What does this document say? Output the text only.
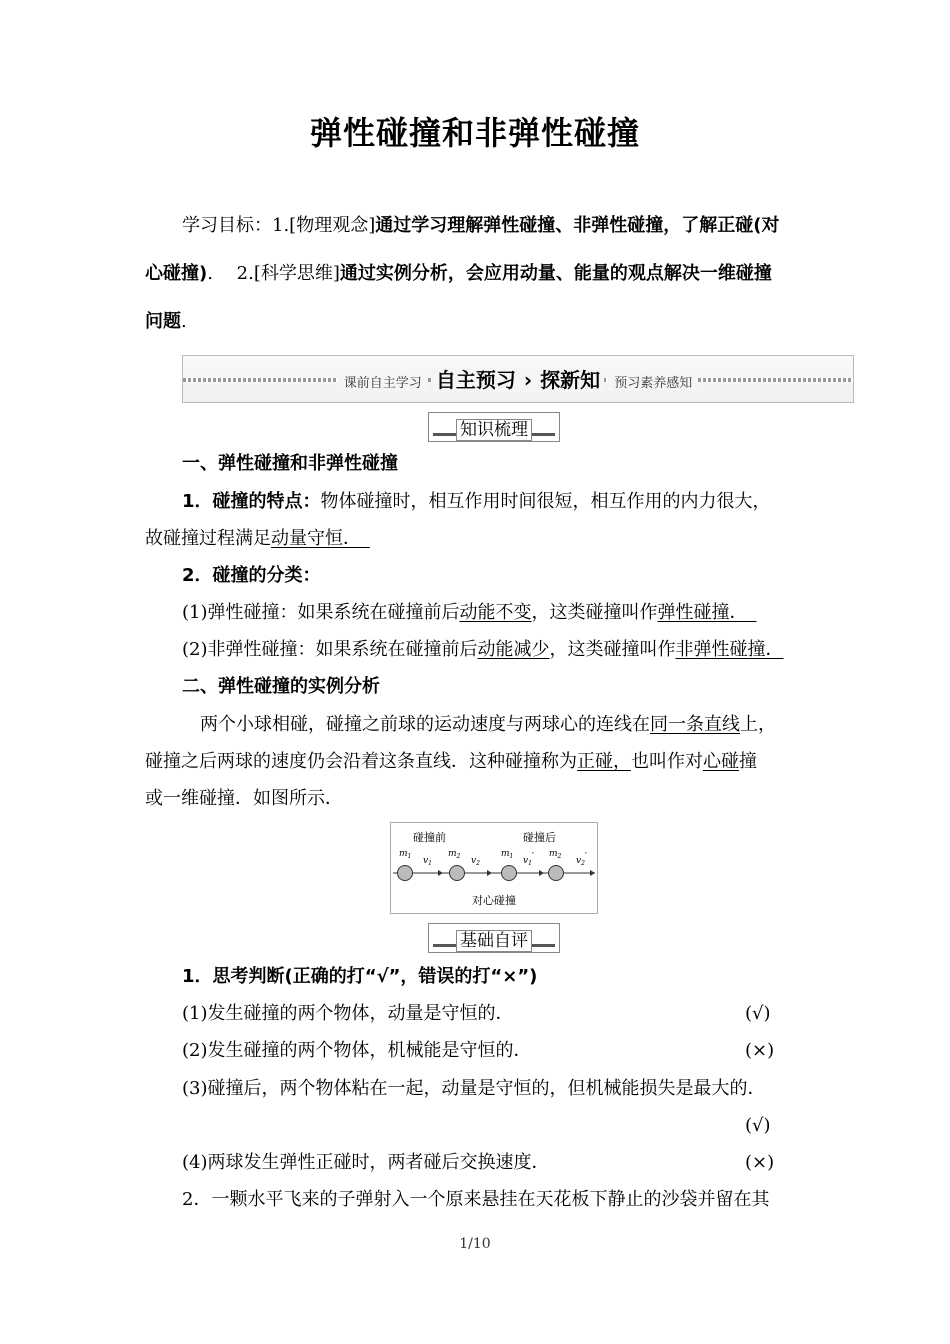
弹性碰撞和非弹性碰撞
学习目标：1.[物理观念]通过学习理解弹性碰撞、非弹性碰撞，了解正碰(对
心碰撞).　 2.[科学思维]通过实例分析，会应用动量、能量的观点解决一维碰撞
问题.
课前自主学习 自主预习 › 探新知 预习素养感知
知识梳理
一、弹性碰撞和非弹性碰撞
1．碰撞的特点：物体碰撞时，相互作用时间很短，相互作用的内力很大，
故碰撞过程满足动量守恒．　
2．碰撞的分类：
(1)弹性碰撞：如果系统在碰撞前后动能不变，这类碰撞叫作弹性碰撞．　
(2)非弹性碰撞：如果系统在碰撞前后动能减少，这类碰撞叫作非弹性碰撞．
二、弹性碰撞的实例分析
两个小球相碰，碰撞之前球的运动速度与两球心的连线在同一条直线上，
碰撞之后两球的速度仍会沿着这条直线．这种碰撞称为正碰，也叫作对心碰撞
或一维碰撞．如图所示．
碰撞前	碰撞后
$m_1$ $v_1$
$m_2$ $v_2$
$m_1$ $v_1'$ $m_2$ $v_2'$
对心碰撞
基础自评
1．思考判断(正确的打“√”，错误的打“×”)
(1)发生碰撞的两个物体，动量是守恒的．	(√)
(2)发生碰撞的两个物体，机械能是守恒的．	(×)
(3)碰撞后，两个物体粘在一起，动量是守恒的，但机械能损失是最大的．
(√)
(4)两球发生弹性正碰时，两者碰后交换速度．	(×)
2．一颗水平飞来的子弹射入一个原来悬挂在天花板下静止的沙袋并留在其
1/10
